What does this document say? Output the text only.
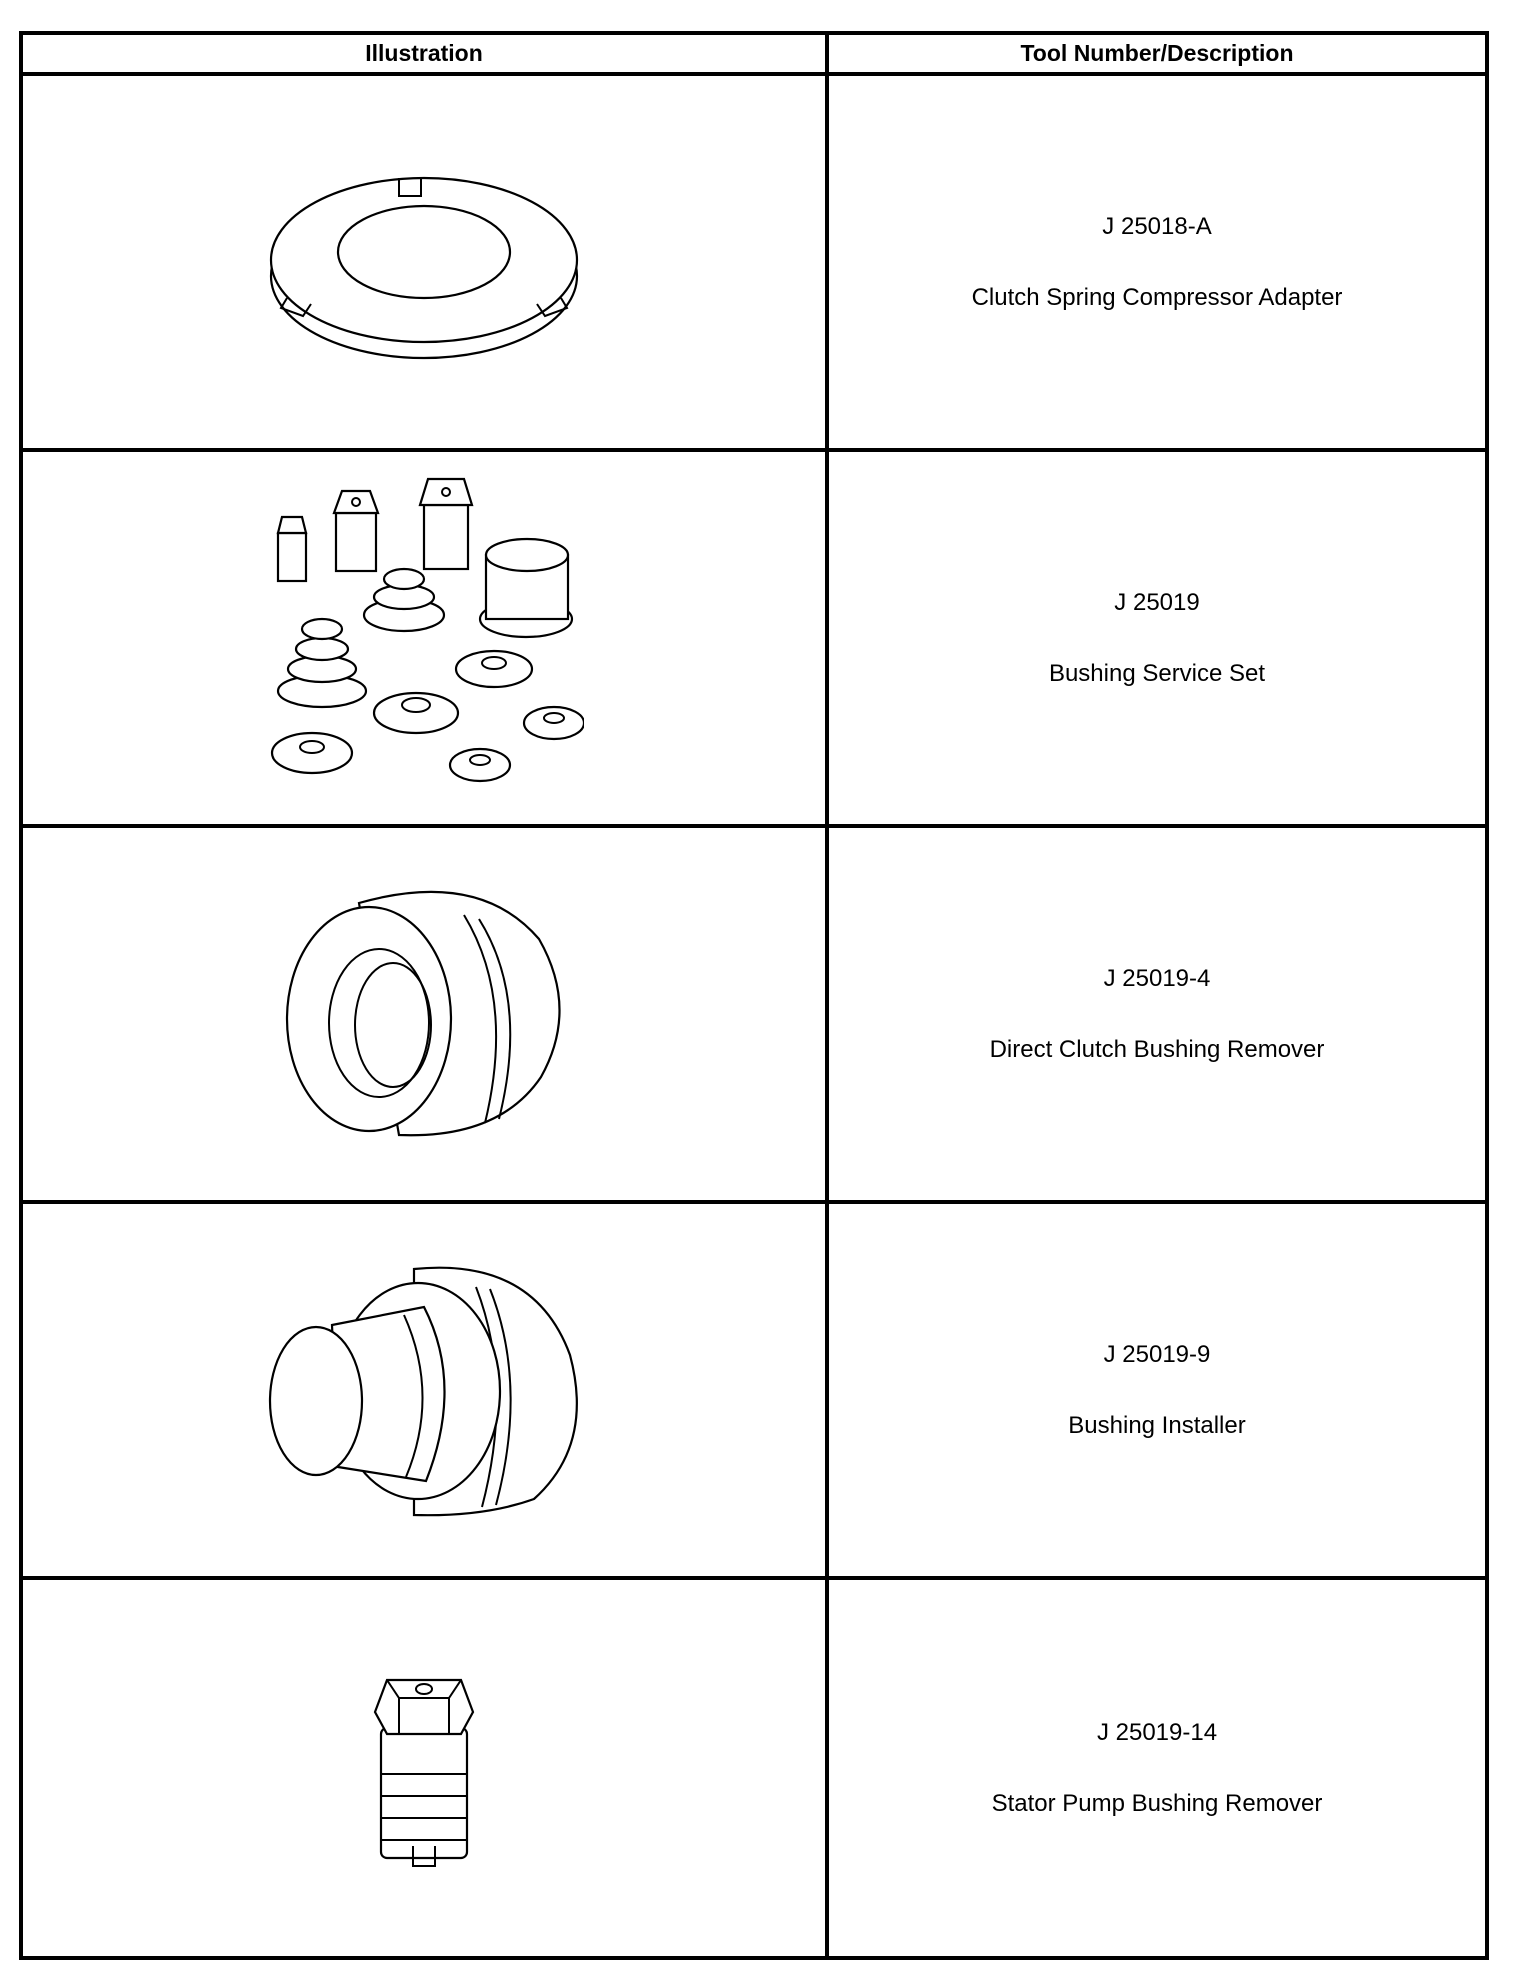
Illustration	Tool Number/Description

J 25018-A
Clutch Spring Compressor Adapter

J 25019
Bushing Service Set

J 25019-4
Direct Clutch Bushing Remover

J 25019-9
Bushing Installer

J 25019-14
Stator Pump Bushing Remover
